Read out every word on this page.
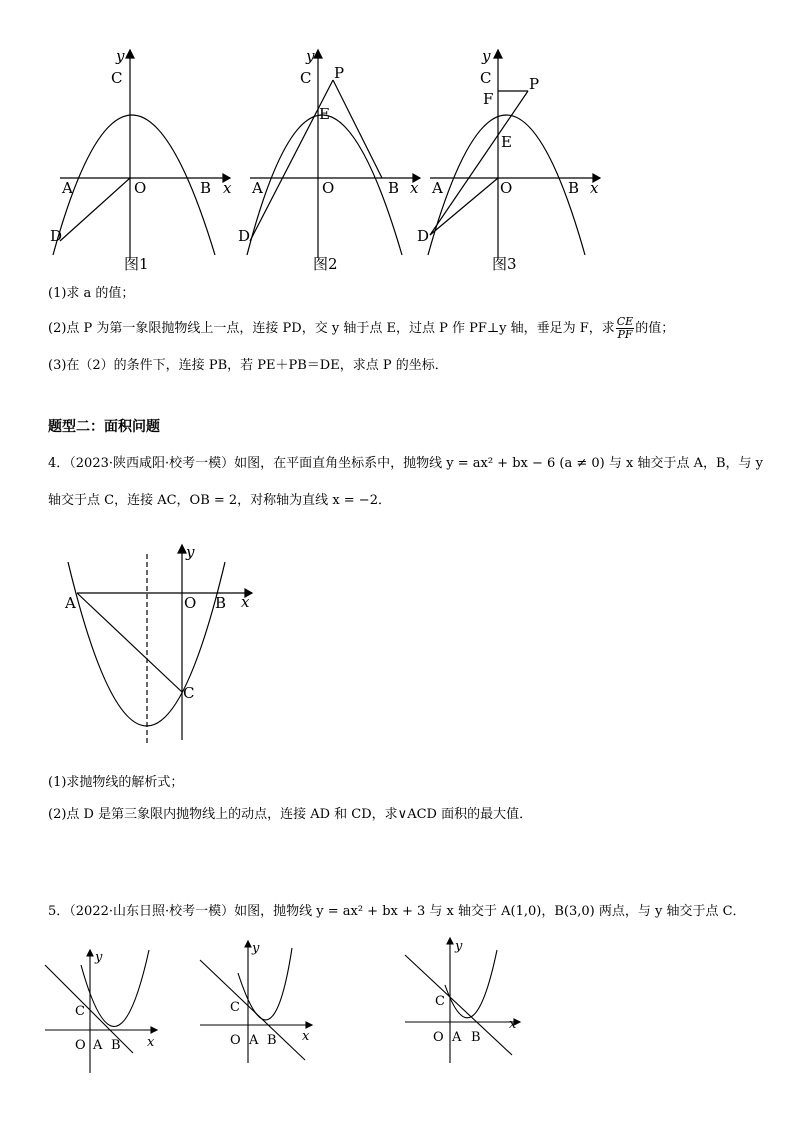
y
C
A	O	B x
D
图1
y
C P
E
A	O	B x
D
图2
y
C	P
F
E
A	O	B x
D
图3
(1)求 a 的值；
(2)点 P 为第一象限抛物线上一点，连接 PD，交 y 轴于点 E，过点 P 作 PF⊥y 轴，垂足为 F，求 $\frac{CE}{PF}$ 的值；
(3)在（2）的条件下，连接 PB，若 PE＋PB＝DE，求点 P 的坐标．
题型二：面积问题
4．（2023·陕西咸阳·校考一模）如图，在平面直角坐标系中，抛物线 y = ax² + bx − 6 (a ≠ 0) 与 x 轴交于点 A，B，与 y
轴交于点 C，连接 AC，OB = 2，对称轴为直线 x = −2．
y
A	O B x
C
(1)求抛物线的解析式；
(2)点 D 是第三象限内抛物线上的动点，连接 AD 和 CD，求∨ACD 面积的最大值．
5．（2022·山东日照·校考一模）如图，抛物线 y = ax² + bx + 3 与 x 轴交于 A(1,0)，B(3,0) 两点，与 y 轴交于点 C．
y
C
O A B x
y
C
O A B x
y
C
O A B
x
